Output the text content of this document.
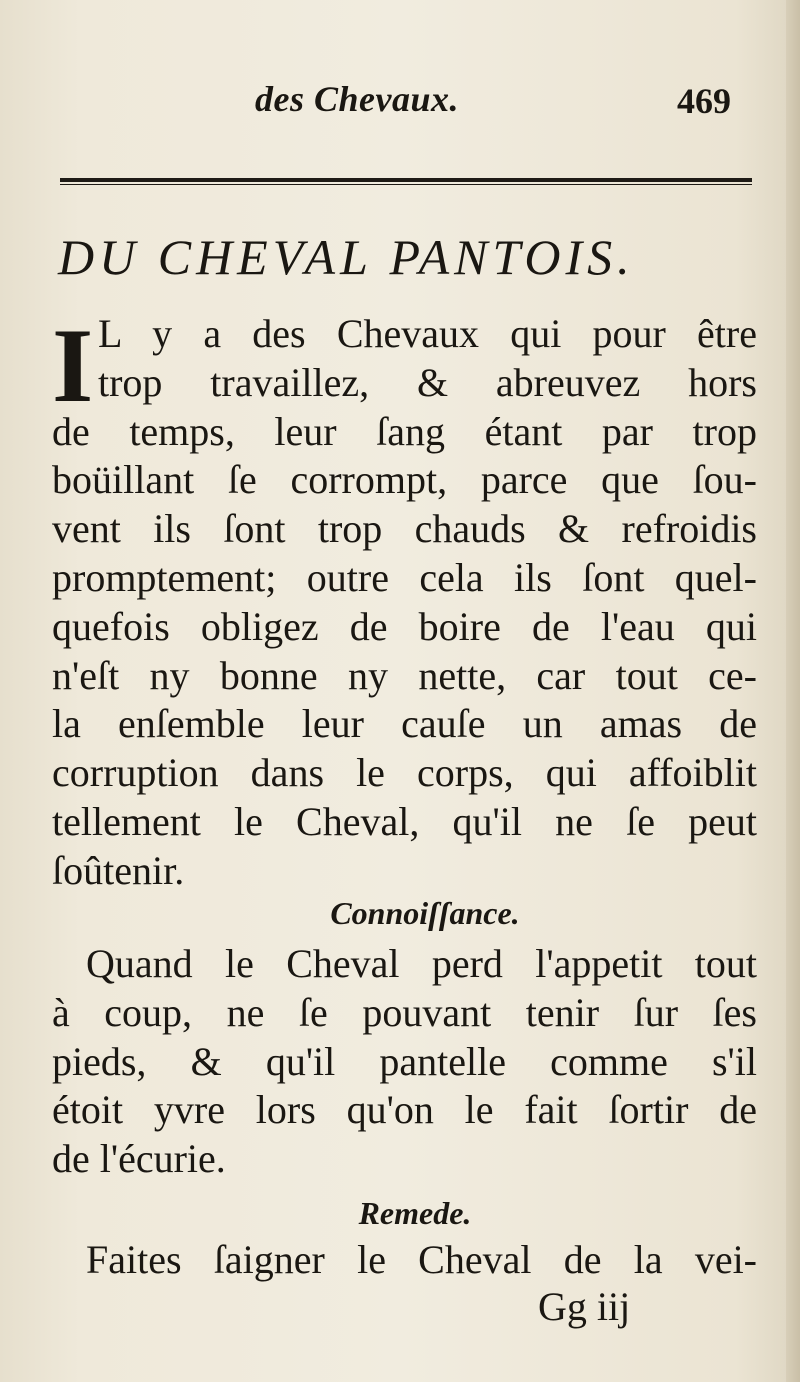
des Chevaux.	469
DU CHEVAL PANTOIS.
I L y a des Chevaux qui pour être
trop travaillez, & abreuvez hors
de temps, leur ſang étant par trop
boüillant ſe corrompt, parce que ſou-
vent ils ſont trop chauds & refroidis
promptement; outre cela ils ſont quel-
quefois obligez de boire de l'eau qui
n'eſt ny bonne ny nette, car tout ce-
la enſemble leur cauſe un amas de
corruption dans le corps, qui affoiblit
tellement le Cheval, qu'il ne ſe peut
ſoûtenir.
Connoiſſance.
Quand le Cheval perd l'appetit tout
à coup, ne ſe pouvant tenir ſur ſes
pieds, & qu'il pantelle comme s'il
étoit yvre lors qu'on le fait ſortir de
de l'écurie.
Remede.
Faites ſaigner le Cheval de la vei-
Gg iij
